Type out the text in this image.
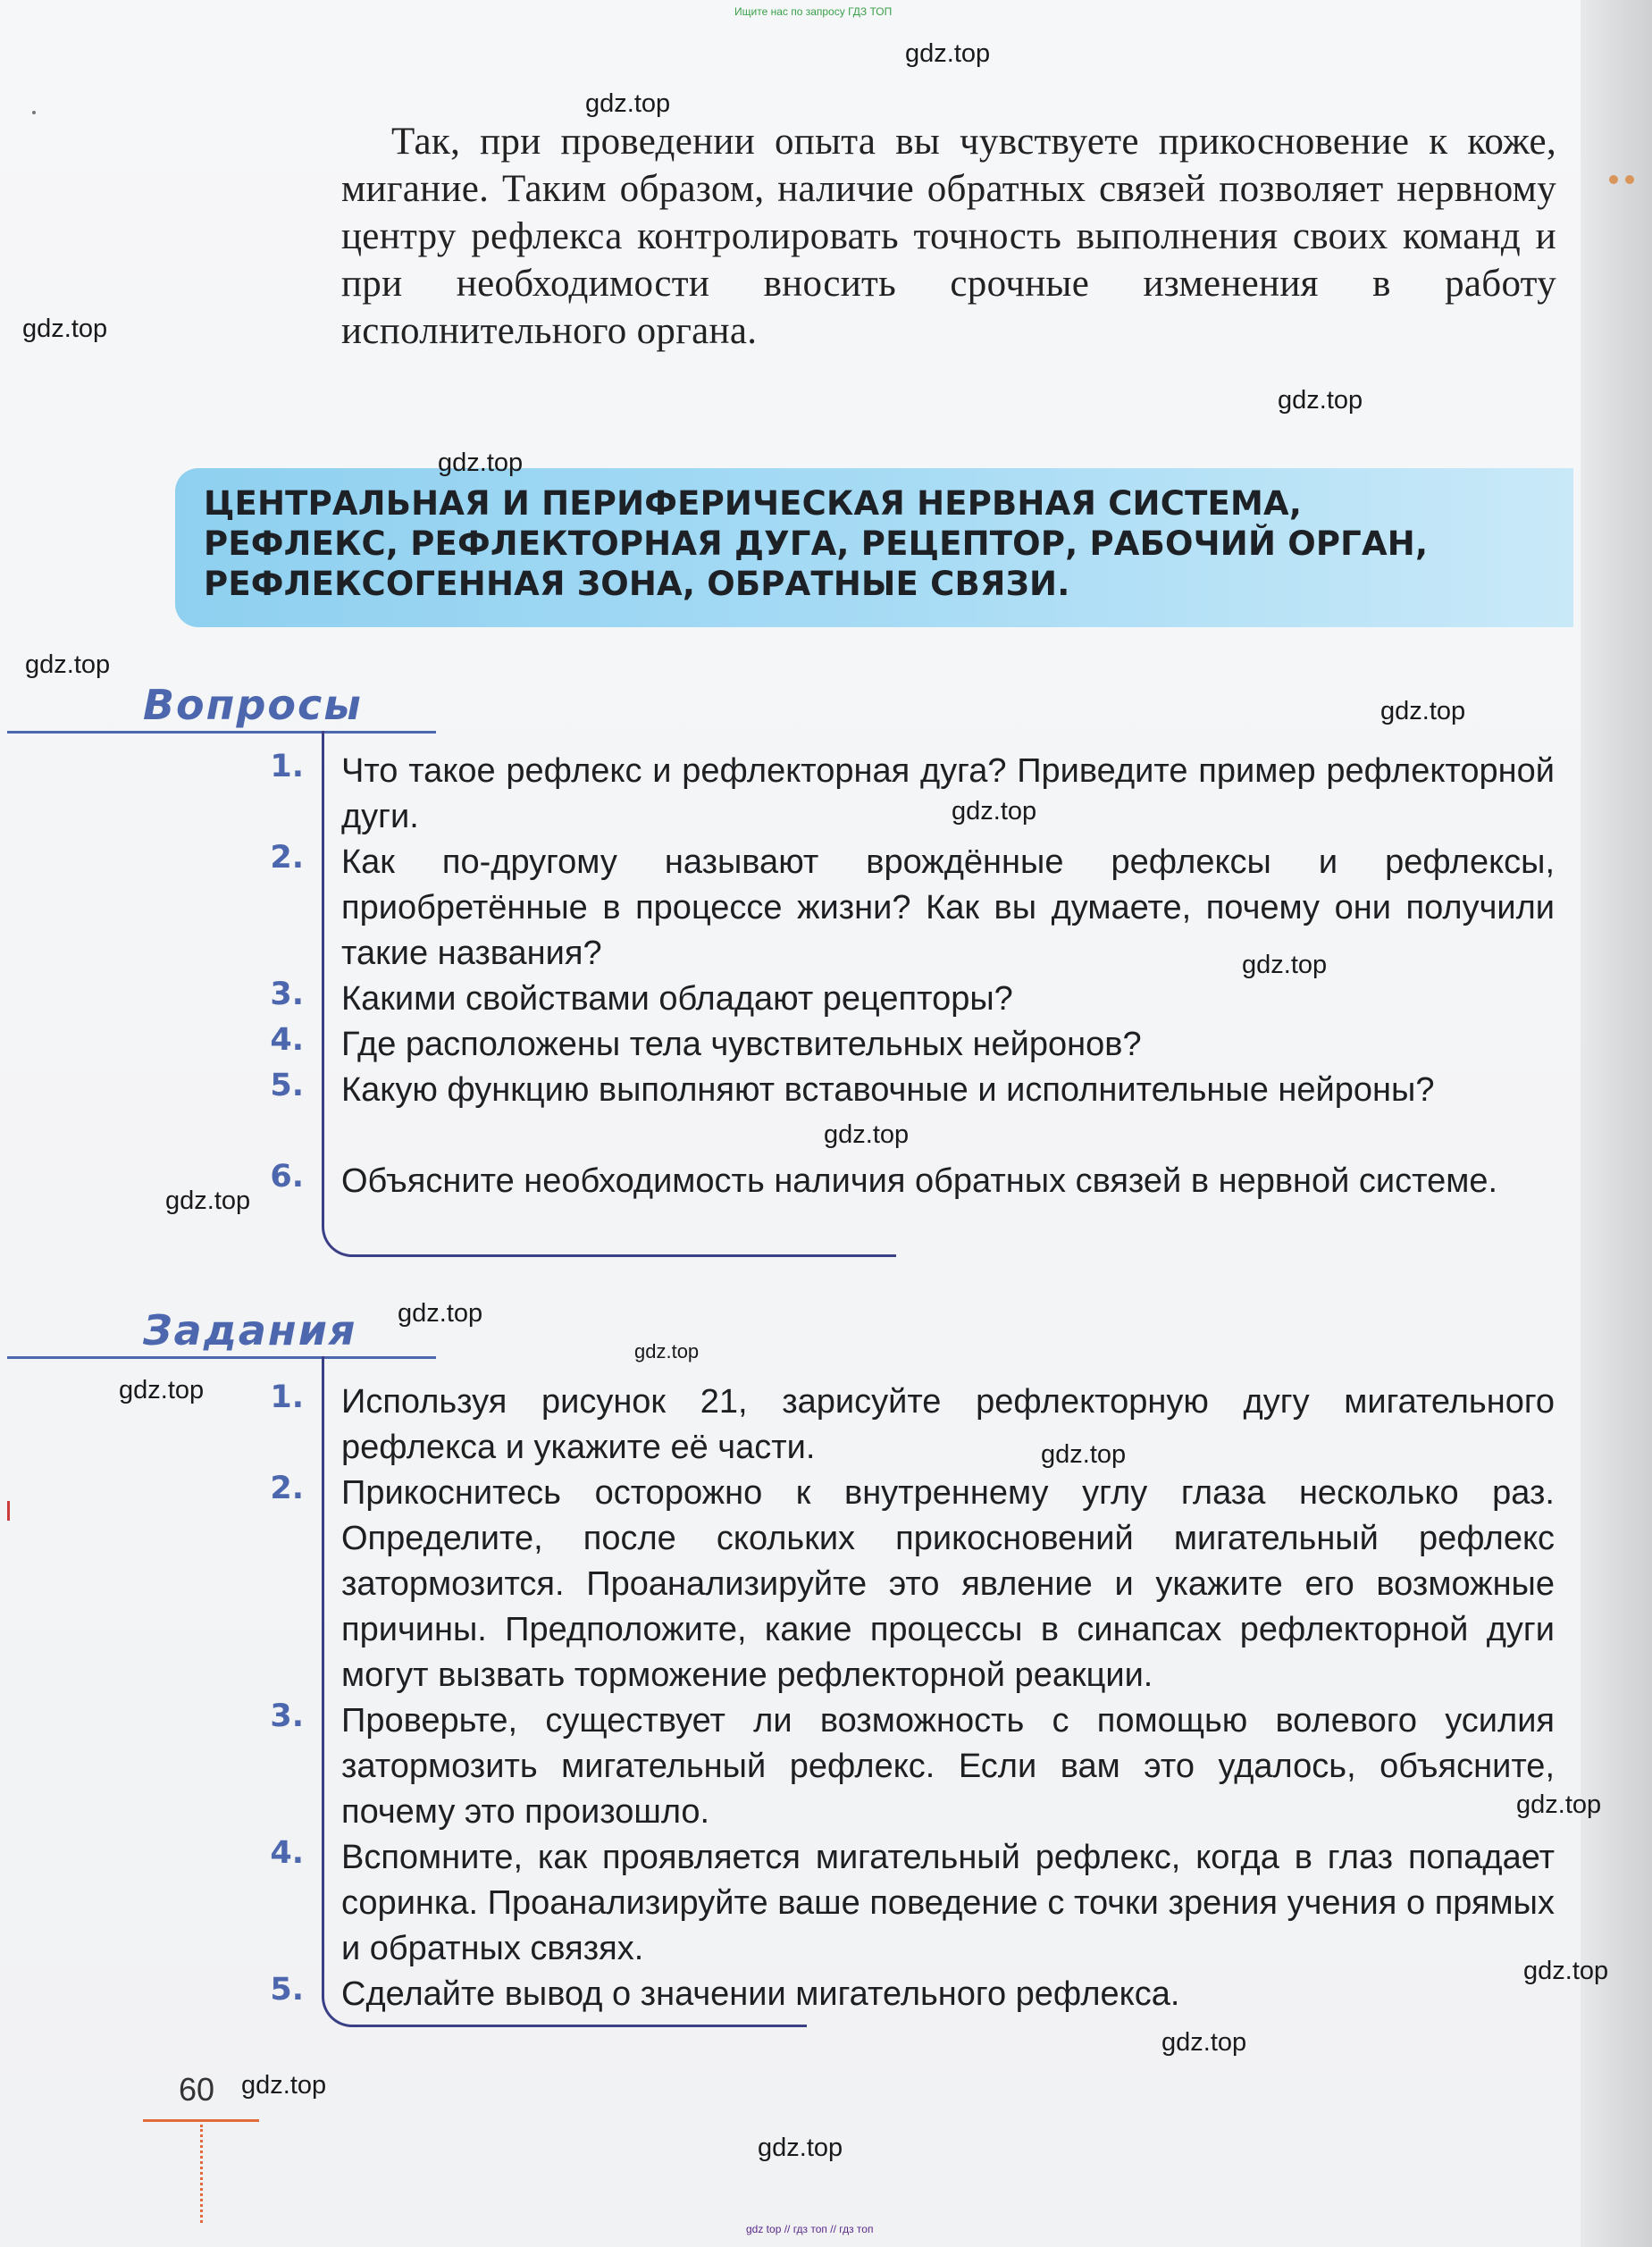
Ищите нас по запросу ГДЗ ТОП

Так, при проведении опыта вы чувствуете прикосновение к коже, мигание. Таким образом, наличие обратных связей позволяет нервному центру рефлекса контролировать точность выполнения своих команд и при необходимости вносить срочные изменения в работу исполнительного органа.

ЦЕНТРАЛЬНАЯ И ПЕРИФЕРИЧЕСКАЯ НЕРВНАЯ СИСТЕМА,
РЕФЛЕКС, РЕФЛЕКТОРНАЯ ДУГА, РЕЦЕПТОР, РАБОЧИЙ ОРГАН,
РЕФЛЕКСОГЕННАЯ ЗОНА, ОБРАТНЫЕ СВЯЗИ.
Вопросы
1. Что такое рефлекс и рефлекторная дуга? Приведите пример рефлекторной дуги.
2. Как по-другому называют врождённые рефлексы и рефлексы, приобретённые в процессе жизни? Как вы думаете, почему они получили такие названия?
3. Какими свойствами обладают рецепторы?
4. Где расположены тела чувствительных нейронов?
5. Какую функцию выполняют вставочные и исполнительные нейроны?
6. Объясните необходимость наличия обратных связей в нервной системе.
Задания
1. Используя рисунок 21, зарисуйте рефлекторную дугу мигательного рефлекса и укажите её части.
2. Прикоснитесь осторожно к внутреннему углу глаза несколько раз. Определите, после скольких прикосновений мигательный рефлекс затормозится. Проанализируйте это явление и укажите его возможные причины. Предположите, какие процессы в синапсах рефлекторной дуги могут вызвать торможение рефлекторной реакции.
3. Проверьте, существует ли возможность с помощью волевого усилия затормозить мигательный рефлекс. Если вам это удалось, объясните, почему это произошло.
4. Вспомните, как проявляется мигательный рефлекс, когда в глаз попадает соринка. Проанализируйте ваше поведение с точки зрения учения о прямых и обратных связях.
5. Сделайте вывод о значении мигательного рефлекса.
60
gdz.top
gdz.top
gdz.top
gdz.top
gdz.top
gdz.top
gdz.top
gdz.top
gdz.top
gdz.top
gdz.top
gdz.top
gdz.top
gdz.top
gdz.top
gdz.top
gdz.top
gdz.top
gdz.top
gdz.top
gdz top // гдз топ // гдз топ
